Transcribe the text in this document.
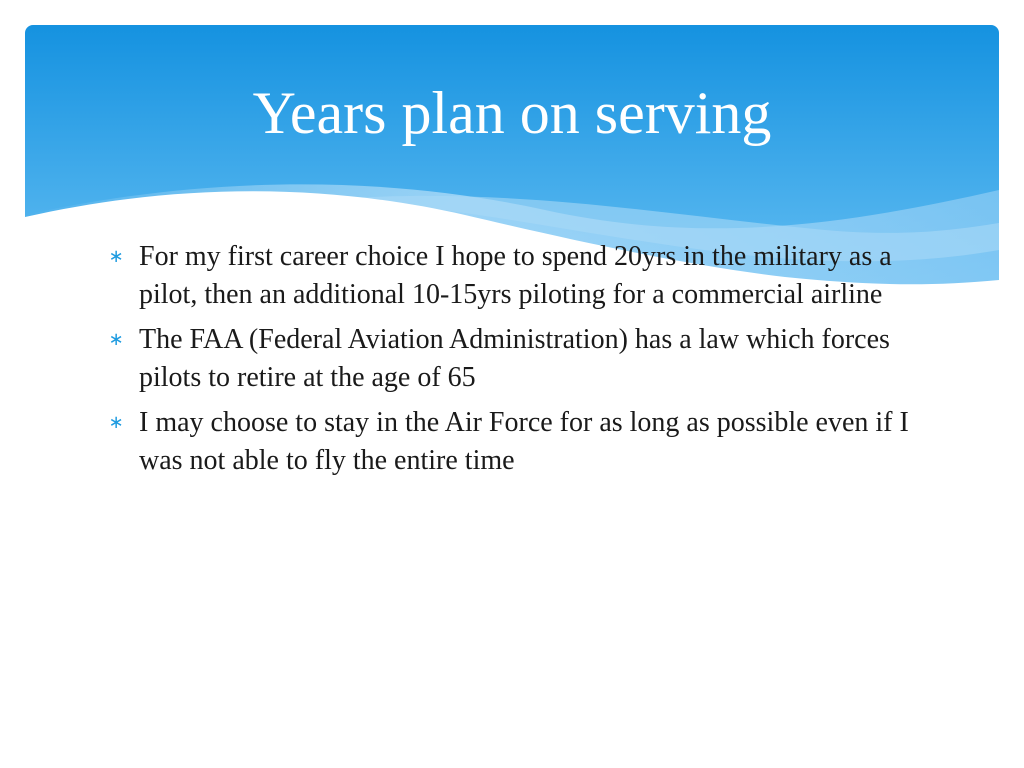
Years plan on serving
∗ For my first career choice I hope to spend 20yrs in the military as a pilot, then an additional 10-15yrs piloting for a commercial airline
∗ The FAA (Federal Aviation Administration) has a law which forces pilots to retire at the age of 65
∗ I may choose to stay in the Air Force for as long as possible even if I was not able to fly the entire time
